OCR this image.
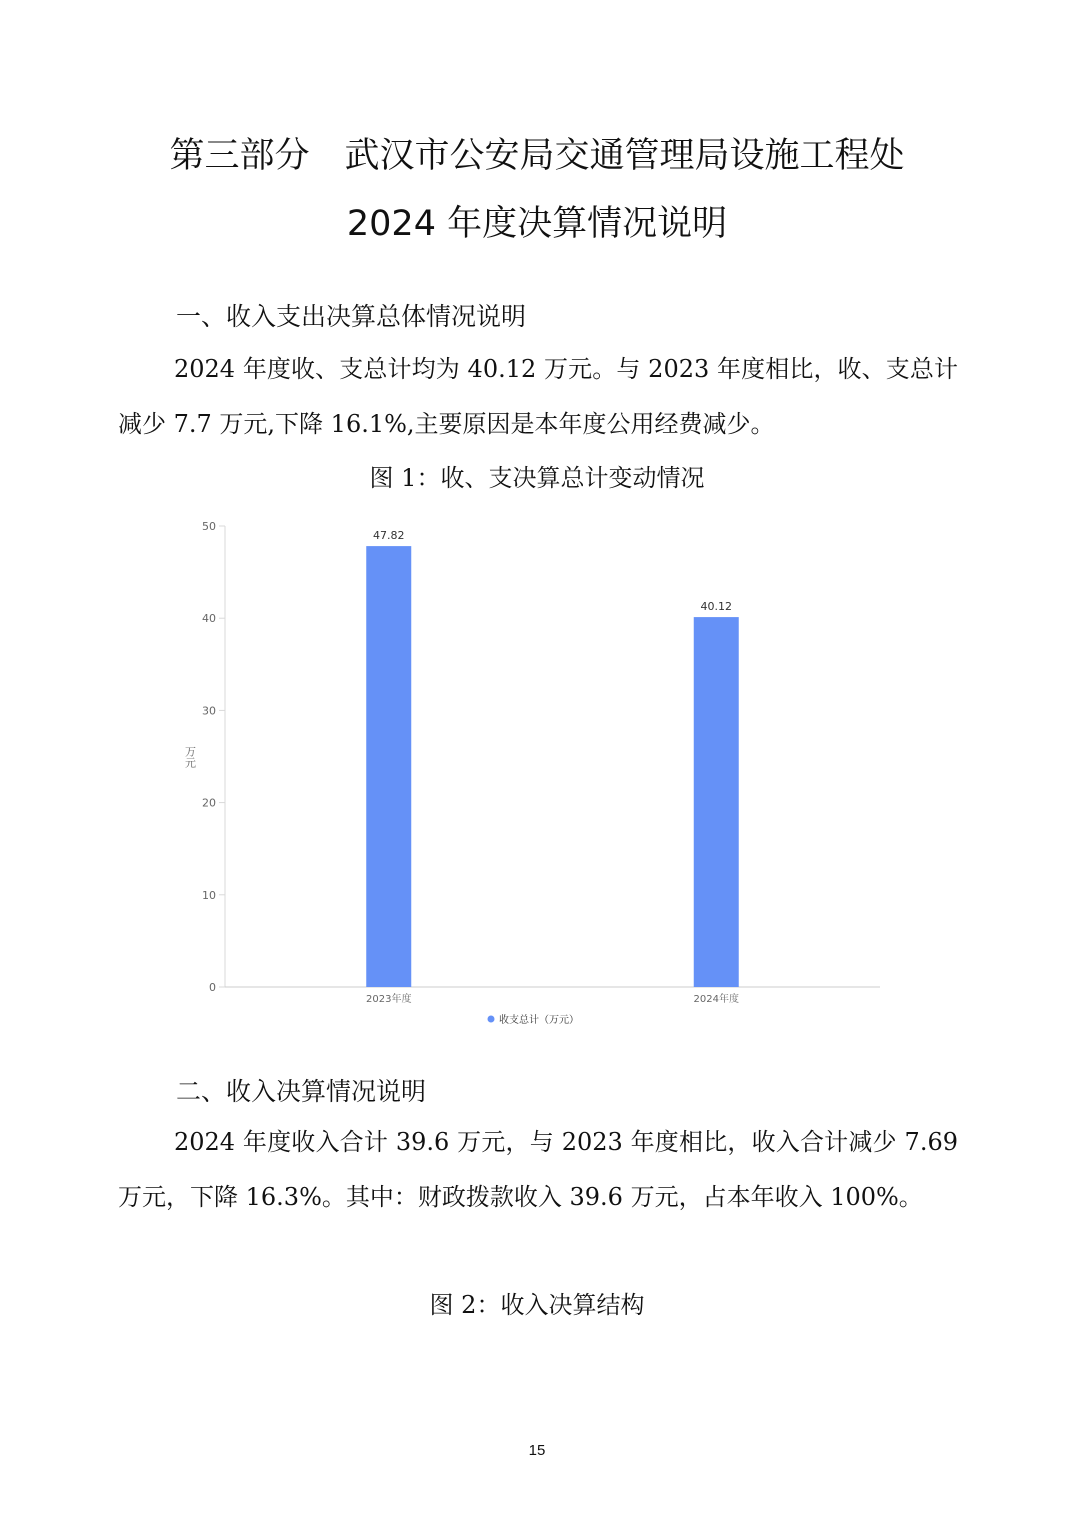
第三部分　武汉市公安局交通管理局设施工程处
2024 年度决算情况说明
一、收入支出决算总体情况说明
2024 年度收、支总计均为 40.12 万元。与 2023 年度相比，收、支总计减少 7.7 万元,下降 16.1%,主要原因是本年度公用经费减少。
图 1：收、支决算总计变动情况
0
10
20
30
40
50
47.82
40.12
2023年度	2024年度
万元
收支总计（万元）
二、收入决算情况说明
2024 年度收入合计 39.6 万元，与 2023 年度相比，收入合计减少 7.69 万元，下降 16.3%。其中：财政拨款收入 39.6 万元，占本年收入 100%。
图 2：收入决算结构
15
